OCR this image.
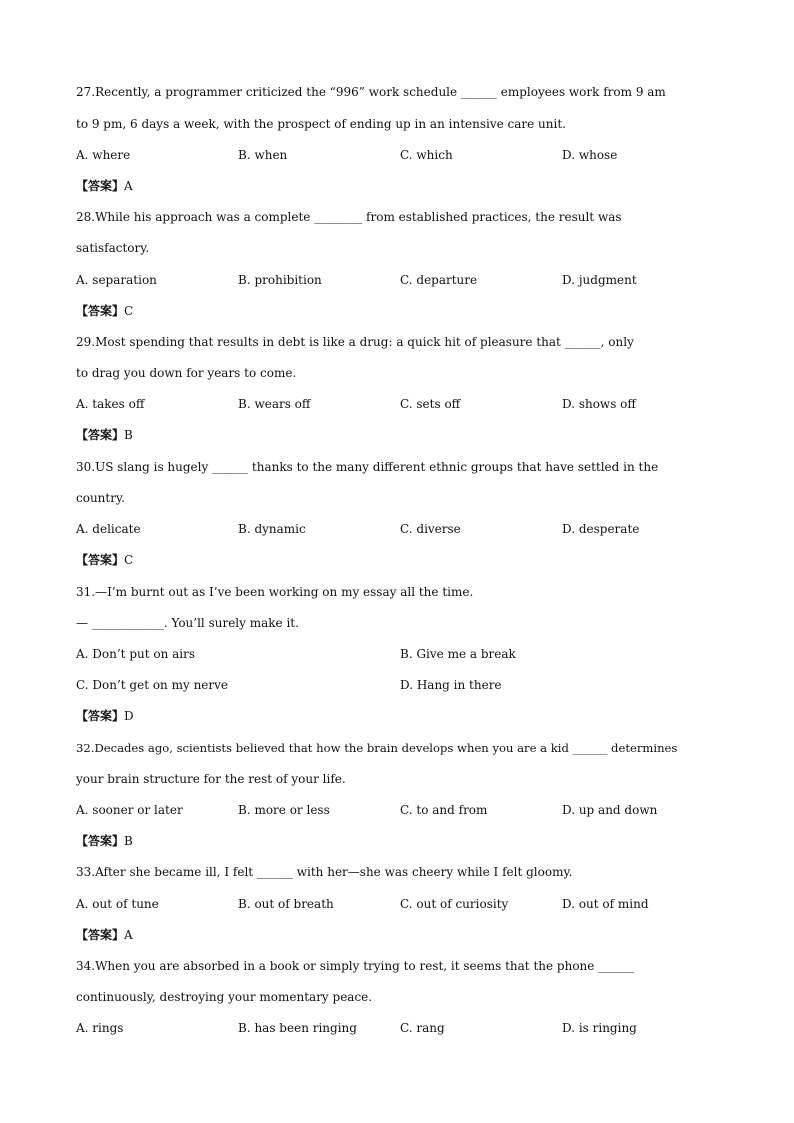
27.Recently, a programmer criticized the “996” work schedule ______ employees work from 9 am
to 9 pm, 6 days a week, with the prospect of ending up in an intensive care unit.
A. where	B. when	C. which	D. whose
【答案】A
28.While his approach was a complete ________ from established practices, the result was
satisfactory.
A. separation	B. prohibition	C. departure	D. judgment
【答案】C
29.Most spending that results in debt is like a drug: a quick hit of pleasure that ______, only
to drag you down for years to come.
A. takes off	B. wears off	C. sets off	D. shows off
【答案】B
30.US slang is hugely ______ thanks to the many different ethnic groups that have settled in the
country.
A. delicate	B. dynamic	C. diverse	D. desperate
【答案】C
31.—I’m burnt out as I’ve been working on my essay all the time.
— ____________. You’ll surely make it.
A. Don’t put on airs	B. Give me a break
C. Don’t get on my nerve	D. Hang in there
【答案】D
32.Decades ago, scientists believed that how the brain develops when you are a kid ______ determines
your brain structure for the rest of your life.
A. sooner or later	B. more or less	C. to and from	D. up and down
【答案】B
33.After she became ill, I felt ______ with her—she was cheery while I felt gloomy.
A. out of tune	B. out of breath	C. out of curiosity	D. out of mind
【答案】A
34.When you are absorbed in a book or simply trying to rest, it seems that the phone ______
continuously, destroying your momentary peace.
A. rings	B. has been ringing	C. rang	D. is ringing
